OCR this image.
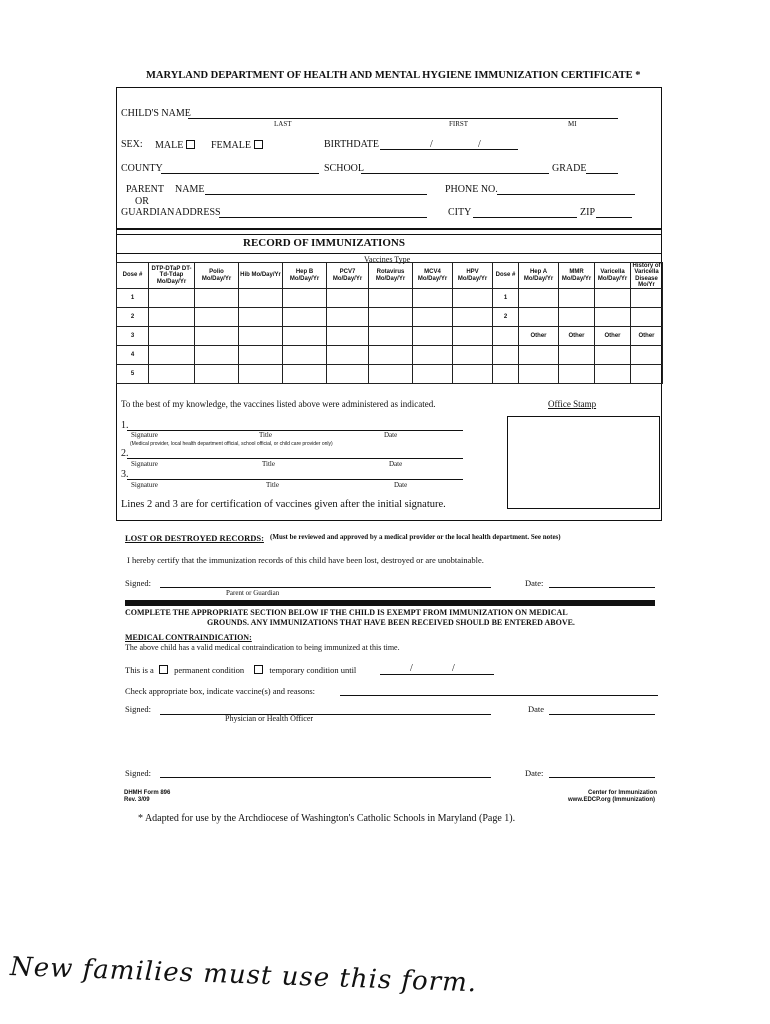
MARYLAND DEPARTMENT OF HEALTH AND MENTAL HYGIENE IMMUNIZATION CERTIFICATE *
CHILD'S NAME
LAST	FIRST	MI
SEX: MALE	FEMALE	BIRTHDATE	/	/
COUNTY	SCHOOL	GRADE
PARENT NAME	PHONE NO.
OR
GUARDIAN ADDRESS	CITY	ZIP
RECORD OF IMMUNIZATIONS
Vaccines Type
Dose #	DTP-DTaP DT-Td-Tdap Mo/Day/Yr	Polio Mo/Day/Yr	Hib Mo/Day/Yr	Hep B Mo/Day/Yr	PCV7 Mo/Day/Yr	Rotavirus Mo/Day/Yr	MCV4 Mo/Day/Yr	HPV Mo/Day/Yr	Dose #	Hep A Mo/Day/Yr	MMR Mo/Day/Yr	Varicella Mo/Day/Yr	History of Varicella Disease Mo/Yr
1									1				
2									2				
3										Other	Other	Other	Other
4													
5													
To the best of my knowledge, the vaccines listed above were administered as indicated.	Office Stamp
1.
Signature	Title	Date
(Medical provider, local health department official, school official, or child care provider only)
2.
Signature	Title	Date
3.
Signature	Title	Date
Lines 2 and 3 are for certification of vaccines given after the initial signature.
LOST OR DESTROYED RECORDS: (Must be reviewed and approved by a medical provider or the local health department. See notes)
I hereby certify that the immunization records of this child have been lost, destroyed or are unobtainable.
Signed:
Parent or Guardian
Date:
COMPLETE THE APPROPRIATE SECTION BELOW IF THE CHILD IS EXEMPT FROM IMMUNIZATION ON MEDICAL
GROUNDS. ANY IMMUNIZATIONS THAT HAVE BEEN RECEIVED SHOULD BE ENTERED ABOVE.
MEDICAL CONTRAINDICATION:
The above child has a valid medical contraindication to being immunized at this time.
This is a permanent condition	temporary condition until	/	/
Check appropriate box, indicate vaccine(s) and reasons:
Signed:
Physician or Health Officer
Date
Signed:	Date:
DHMH Form 896
Rev. 3/09
Center for Immunization
www.EDCP.org (Immunization)
* Adapted for use by the Archdiocese of Washington's Catholic Schools in Maryland (Page 1).
New families must use this form.
